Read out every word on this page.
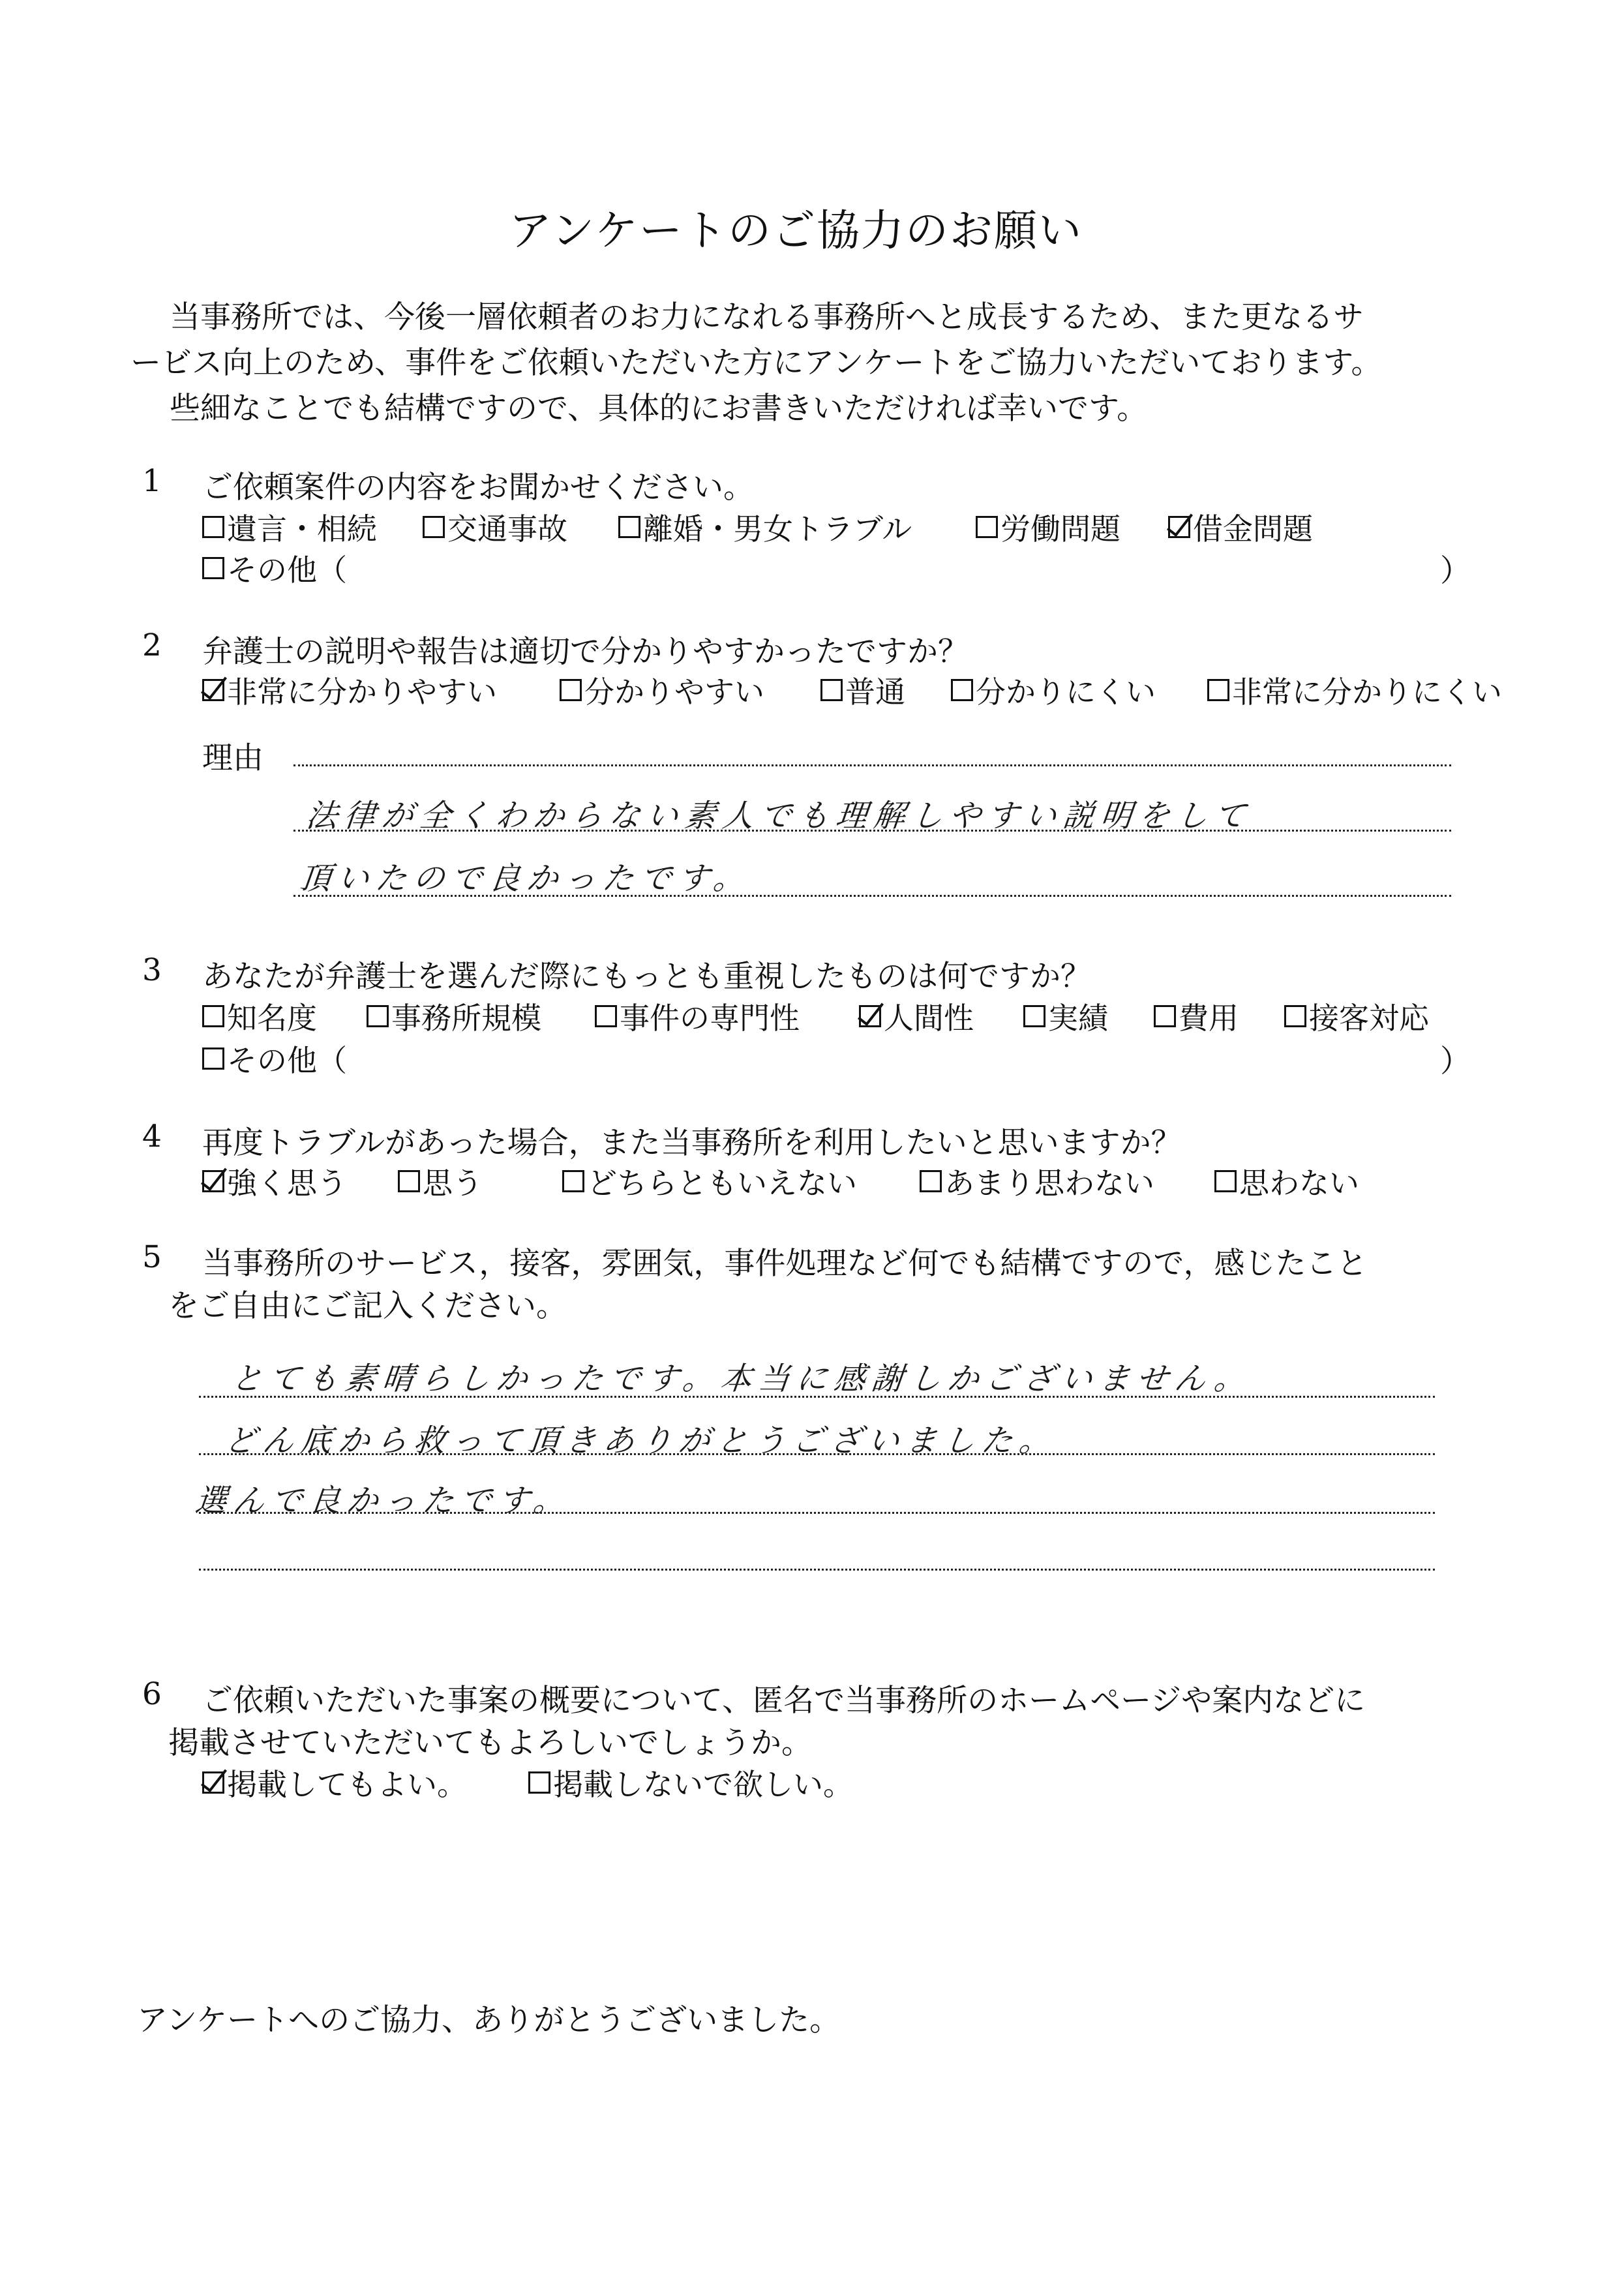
アンケートのご協力のお願い
当事務所では、今後一層依頼者のお力になれる事務所へと成長するため、また更なるサ
ービス向上のため、事件をご依頼いただいた方にアンケートをご協力いただいております。
些細なことでも結構ですので、具体的にお書きいただければ幸いです。
1 ご依頼案件の内容をお聞かせください。
遺言・相続 交通事故	離婚・男女トラブル	労働問題 借金問題
その他（	）
2 弁護士の説明や報告は適切で分かりやすかったですか？
非常に分かりやすい	分かりやすい	普通 分かりにくい	非常に分かりにくい
理由
法律が全くわからない素人でも理解しやすい説明をして
頂いたので良かったです。
3 あなたが弁護士を選んだ際にもっとも重視したものは何ですか？
知名度 事務所規模	事件の専門性	人間性 実績 費用 接客対応
その他（	）
4 再度トラブルがあった場合，また当事務所を利用したいと思いますか？
強く思う	思う	どちらともいえない	あまり思わない	思わない
5 当事務所のサービス，接客，雰囲気，事件処理など何でも結構ですので，感じたこと
をご自由にご記入ください。
とても素晴らしかったです。本当に感謝しかございません。
どん底から救って頂きありがとうございました。
選んで良かったです。
6 ご依頼いただいた事案の概要について、匿名で当事務所のホームページや案内などに
掲載させていただいてもよろしいでしょうか。
掲載してもよい。	掲載しないで欲しい。
アンケートへのご協力、ありがとうございました。
